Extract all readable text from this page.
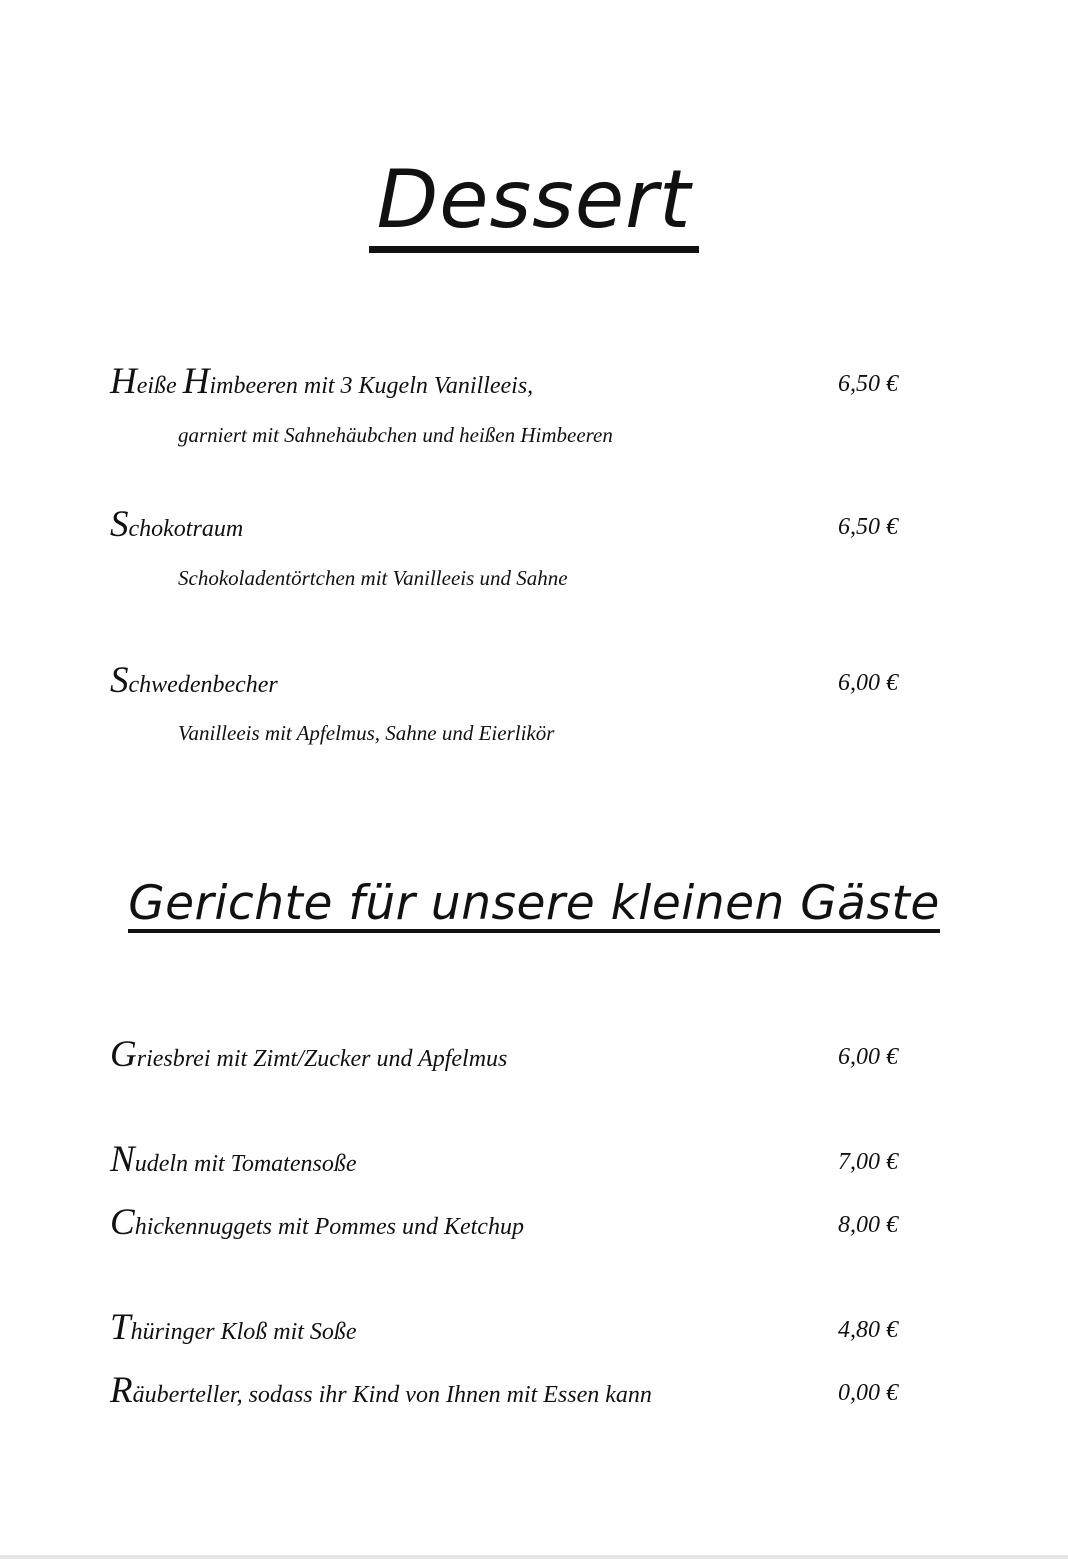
Dessert
Heiße Himbeeren mit 3 Kugeln Vanilleeis,	6,50 €
garniert mit Sahnehäubchen und heißen Himbeeren
Schokotraum	6,50 €
Schokoladentörtchen mit Vanilleeis und Sahne
Schwedenbecher	6,00 €
Vanilleeis mit Apfelmus, Sahne und Eierlikör
Gerichte für unsere kleinen Gäste
Griesbrei mit Zimt/Zucker und Apfelmus	6,00 €
Nudeln mit Tomatensoße	7,00 €
Chickennuggets mit Pommes und Ketchup	8,00 €
Thüringer Kloß mit Soße	4,80 €
Räuberteller, sodass ihr Kind von Ihnen mit Essen kann	0,00 €
